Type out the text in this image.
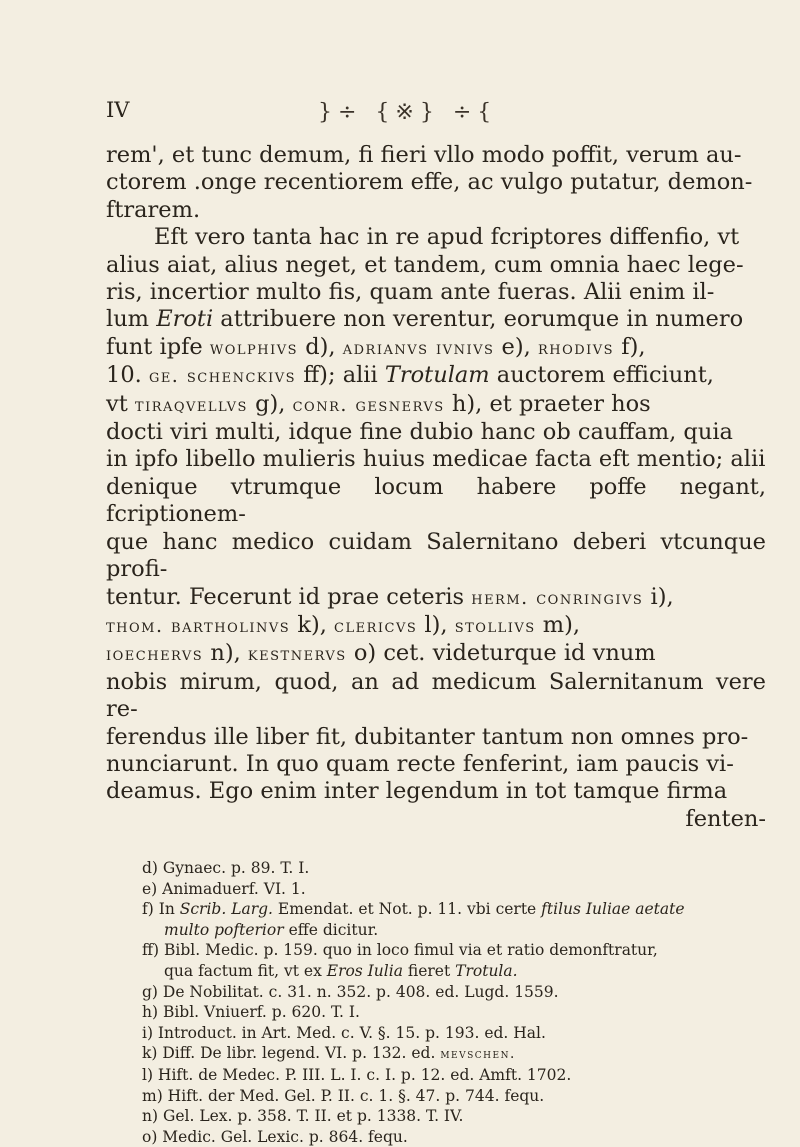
IV	}÷ {※} ÷{

rem', et tunc demum, fi fieri vllo modo poffit, verum au-

ctorem .onge recentiorem effe, ac vulgo putatur, demon-

ftrarem.

Eft vero tanta hac in re apud fcriptores diffenfio, vt

alius aiat, alius neget, et tandem, cum omnia haec lege-

ris, incertior multo fis, quam ante fueras. Alii enim il-

lum Eroti attribuere non verentur, eorumque in numero

funt ipfe wolphivs d), adrianvs ivnivs e), rhodivs f),

10. ge. schenckivs ff); alii Trotulam auctorem efficiunt,

vt tiraqvellvs g), conr. gesnervs h), et praeter hos

docti viri multi, idque fine dubio hanc ob cauffam, quia

in ipfo libello mulieris huius medicae facta eft mentio; alii

denique vtrumque locum habere poffe negant, fcriptionem-

que hanc medico cuidam Salernitano deberi vtcunque profi-

tentur. Fecerunt id prae ceteris herm. conringivs i),

thom. bartholinvs k), clericvs l), stollivs m),

ioechervs n), kestnervs o) cet. videturque id vnum

nobis mirum, quod, an ad medicum Salernitanum vere re-

ferendus ille liber fit, dubitanter tantum non omnes pro-

nunciarunt. In quo quam recte fenferint, iam paucis vi-

deamus. Ego enim inter legendum in tot tamque firma

fenten-

d) Gynaec. p. 89. T. I.
e) Animaduerf. VI. 1.
f) In Scrib. Larg. Emendat. et Not. p. 11. vbi certe ftilus Iuliae aetate
multo pofterior effe dicitur.
ff) Bibl. Medic. p. 159. quo in loco fimul via et ratio demonftratur,
qua factum fit, vt ex Eros Iulia fieret Trotula.
g) De Nobilitat. c. 31. n. 352. p. 408. ed. Lugd. 1559.
h) Bibl. Vniuerf. p. 620. T. I.
i) Introduct. in Art. Med. c. V. §. 15. p. 193. ed. Hal.
k) Diff. De libr. legend. VI. p. 132. ed. mevschen.
l) Hift. de Medec. P. III. L. I. c. I. p. 12. ed. Amft. 1702.
m) Hift. der Med. Gel. P. II. c. 1. §. 47. p. 744. fequ.
n) Gel. Lex. p. 358. T. II. et p. 1338. T. IV.
o) Medic. Gel. Lexic. p. 864. fequ.
